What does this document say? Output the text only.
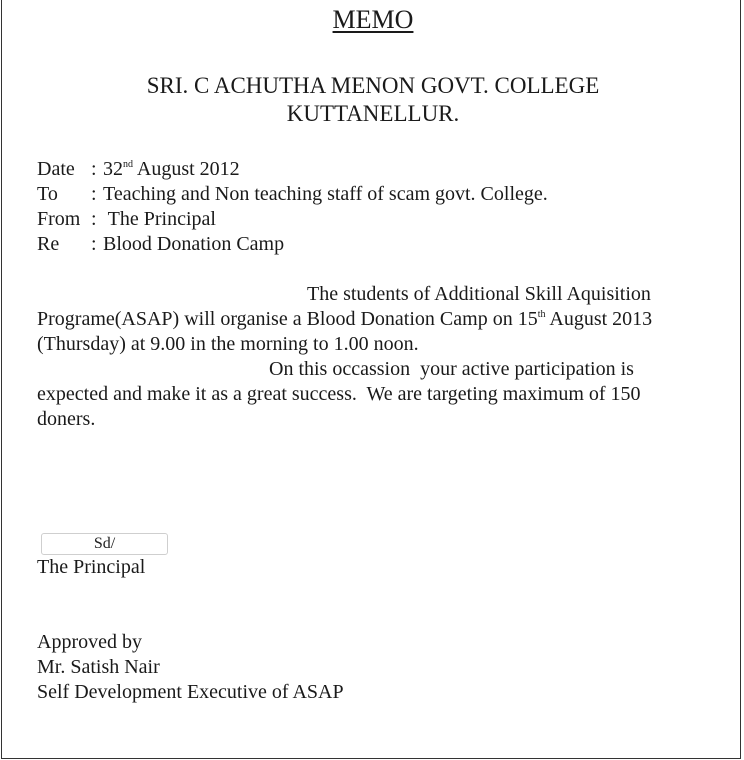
MEMO
SRI. C ACHUTHA MENON GOVT. COLLEGE
KUTTANELLUR.
Date : 32nd August 2012
To	: Teaching and Non teaching staff of scam govt. College.
From : The Principal
Re	: Blood Donation Camp
The students of Additional Skill Aquisition
Programe(ASAP) will organise a Blood Donation Camp on 15th August 2013
(Thursday) at 9.00 in the morning to 1.00 noon.
On this occassion  your active participation is
expected and make it as a great success.  We are targeting maximum of 150
doners.
Sd/
The Principal
Approved by
Mr. Satish Nair
Self Development Executive of ASAP
